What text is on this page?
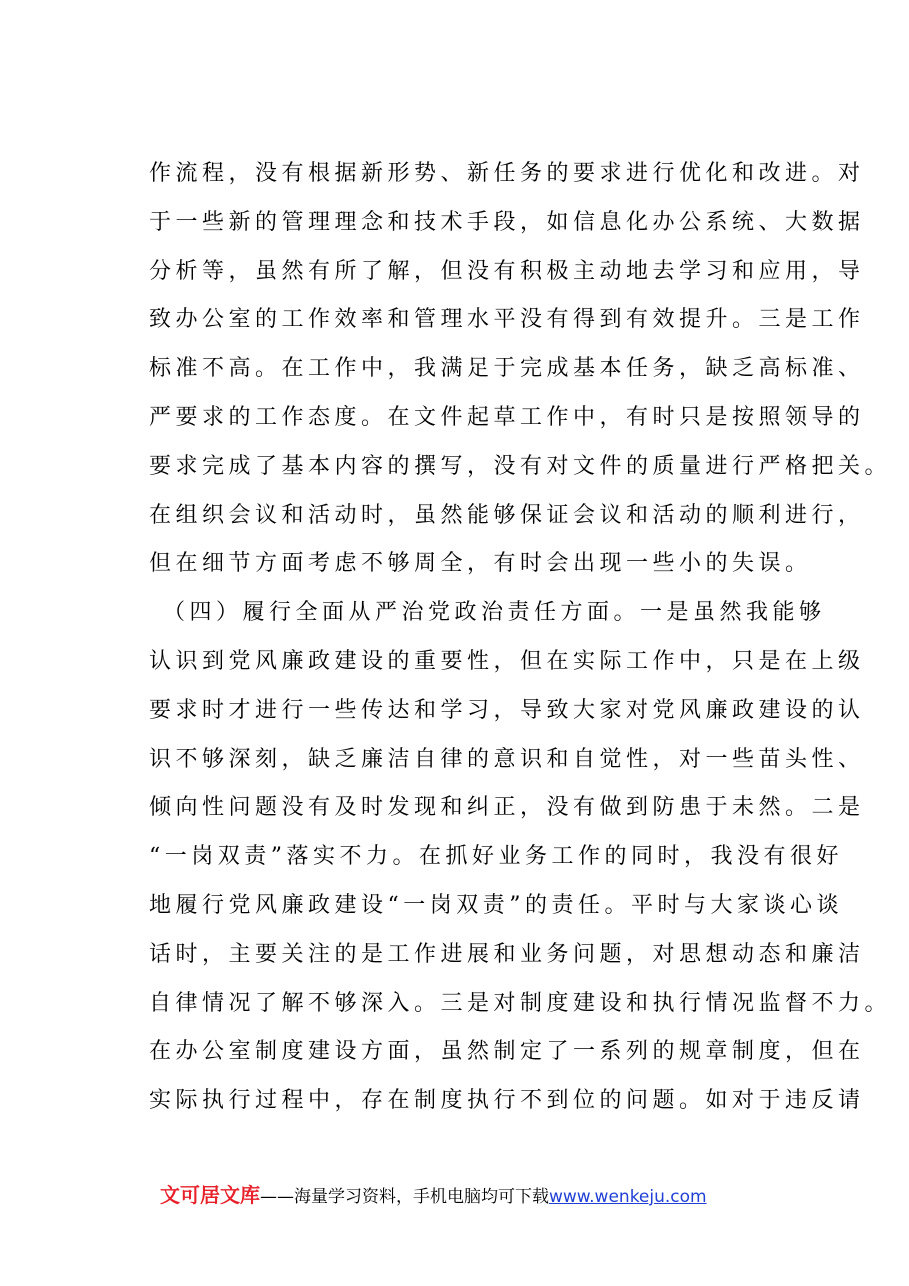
作流程，没有根据新形势、新任务的要求进行优化和改进。对
于一些新的管理理念和技术手段，如信息化办公系统、大数据
分析等，虽然有所了解，但没有积极主动地去学习和应用，导
致办公室的工作效率和管理水平没有得到有效提升。三是工作
标准不高。在工作中，我满足于完成基本任务，缺乏高标准、
严要求的工作态度。在文件起草工作中，有时只是按照领导的
要求完成了基本内容的撰写，没有对文件的质量进行严格把关。
在组织会议和活动时，虽然能够保证会议和活动的顺利进行，
但在细节方面考虑不够周全，有时会出现一些小的失误。
（四）履行全面从严治党政治责任方面。一是虽然我能够
认识到党风廉政建设的重要性，但在实际工作中，只是在上级
要求时才进行一些传达和学习，导致大家对党风廉政建设的认
识不够深刻，缺乏廉洁自律的意识和自觉性，对一些苗头性、
倾向性问题没有及时发现和纠正，没有做到防患于未然。二是
“一岗双责”落实不力。在抓好业务工作的同时，我没有很好
地履行党风廉政建设“一岗双责”的责任。平时与大家谈心谈
话时，主要关注的是工作进展和业务问题，对思想动态和廉洁
自律情况了解不够深入。三是对制度建设和执行情况监督不力。
在办公室制度建设方面，虽然制定了一系列的规章制度，但在
实际执行过程中，存在制度执行不到位的问题。如对于违反请
文可居文库——海量学习资料，手机电脑均可下载www.wenkeju.com
